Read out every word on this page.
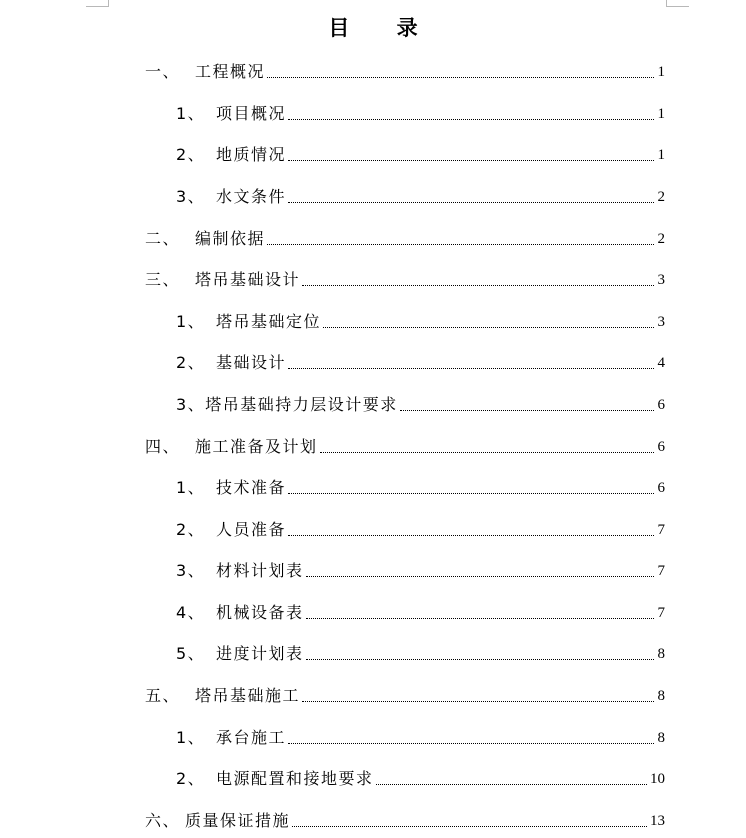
目 录
一、 工程概况	1
1、 项目概况	1
2、 地质情况	1
3、 水文条件	2
二、 编制依据	2
三、 塔吊基础设计	3
1、 塔吊基础定位	3
2、 基础设计	4
3、 塔吊基础持力层设计要求	6
四、 施工准备及计划	6
1、 技术准备	6
2、 人员准备	7
3、 材料计划表	7
4、 机械设备表	7
5、 进度计划表	8
五、 塔吊基础施工	8
1、 承台施工	8
2、 电源配置和接地要求	10
六、 质量保证措施	13
